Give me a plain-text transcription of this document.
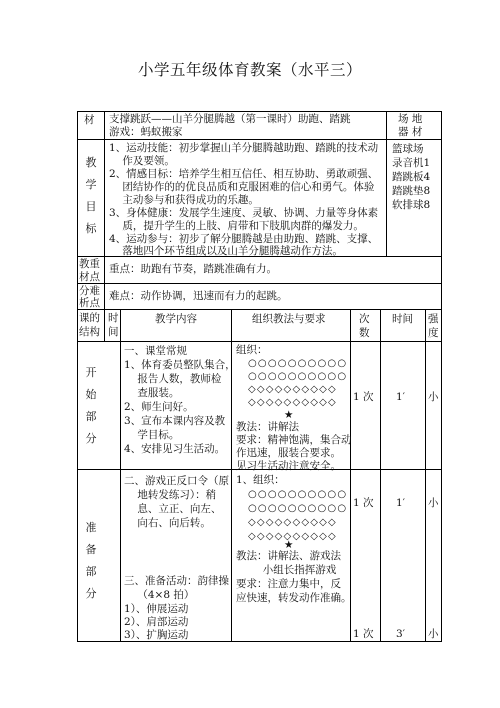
小学五年级体育教案（水平三）
材 支撑跳跃——山羊分腿腾越（第一课时）助跑、踏跳
游戏：蚂蚁搬家
场 地
器 材
教
学
目
标
1、运动技能：初步掌握山羊分腿腾越助跑、踏跳的技术动
作及要领。
2、情感目标：培养学生相互信任、相互协助、勇敢顽强、
团结协作的的优良品质和克服困难的信心和勇气。体验
主动参与和获得成功的乐趣。
3、身体健康：发展学生速度、灵敏、协调、力量等身体素
质，提升学生的上肢、肩带和下肢肌肉群的爆发力。
4、运动参与：初步了解分腿腾越是由助跑、踏跳、支撑、
落地四个环节组成以及山羊分腿腾越动作方法。
篮球场
录音机1
踏跳板4
踏跳垫8
软排球8
教重
材点
分难
析点
重点：助跑有节奏，踏跳准确有力。
难点：动作协调，迅速而有力的起跳。
课的
结构
时
间
教学内容	组织教法与要求	次
数
时间 强
度
开
始
部
分
一、课堂常规
1、体育委员整队集合，
报告人数，教师检
查服装。
2、师生问好。
3、宣布本课内容及教
学目标。
4、安排见习生活动。
组织：
○○○○○○○○○○
○○○○○○○○○○
◇◇◇◇◇◇◇◇◇◇
◇◇◇◇◇◇◇◇◇◇
★
教法：讲解法
要求：精神饱满，集合动
作迅速，服装合要求。
见习生活动注意安全。
1 次 1′ 小
准
备
部
分
二、游戏正反口令（原
地转发练习）：稍
息、立正、向左、
向右、向后转。
三、准备活动：韵律操
（4×8 拍）
1）、伸展运动
2）、肩部运动
3）、扩胸运动
1、组织：
○○○○○○○○○○
○○○○○○○○○○
◇◇◇◇◇◇◇◇◇◇
◇◇◇◇◇◇◇◇◇◇
★
教法：讲解法、游戏法
小组长指挥游戏
要求：注意力集中，反
应快速，转发动作准确。
1 次 1′ 小
1 次 3′ 小
